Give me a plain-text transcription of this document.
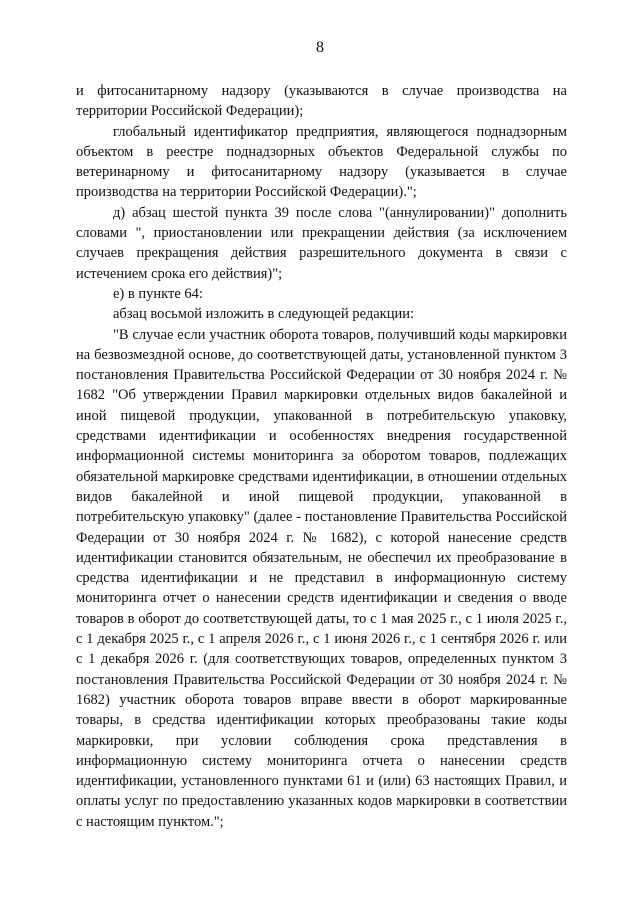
8

и фитосанитарному надзору (указываются в случае производства на территории Российской Федерации);

глобальный идентификатор предприятия, являющегося поднадзорным объектом в реестре поднадзорных объектов Федеральной службы по ветеринарному и фитосанитарному надзору (указывается в случае производства на территории Российской Федерации).";

д) абзац шестой пункта 39 после слова "(аннулировании)" дополнить словами ", приостановлении или прекращении действия (за исключением случаев прекращения действия разрешительного документа в связи с истечением срока его действия)";

е) в пункте 64:

абзац восьмой изложить в следующей редакции:

"В случае если участник оборота товаров, получивший коды маркировки на безвозмездной основе, до соответствующей даты, установленной пунктом 3 постановления Правительства Российской Федерации от 30 ноября 2024 г. № 1682 "Об утверждении Правил маркировки отдельных видов бакалейной и иной пищевой продукции, упакованной в потребительскую упаковку, средствами идентификации и особенностях внедрения государственной информационной системы мониторинга за оборотом товаров, подлежащих обязательной маркировке средствами идентификации, в отношении отдельных видов бакалейной и иной пищевой продукции, упакованной в потребительскую упаковку" (далее - постановление Правительства Российской Федерации от 30 ноября 2024 г. № 1682), с которой нанесение средств идентификации становится обязательным, не обеспечил их преобразование в средства идентификации и не представил в информационную систему мониторинга отчет о нанесении средств идентификации и сведения о вводе товаров в оборот до соответствующей даты, то с 1 мая 2025 г., с 1 июля 2025 г., с 1 декабря 2025 г., с 1 апреля 2026 г., с 1 июня 2026 г., с 1 сентября 2026 г. или с 1 декабря 2026 г. (для соответствующих товаров, определенных пунктом 3 постановления Правительства Российской Федерации от 30 ноября 2024 г. № 1682) участник оборота товаров вправе ввести в оборот маркированные товары, в средства идентификации которых преобразованы такие коды маркировки, при условии соблюдения срока представления в информационную систему мониторинга отчета о нанесении средств идентификации, установленного пунктами 61 и (или) 63 настоящих Правил, и оплаты услуг по предоставлению указанных кодов маркировки в соответствии с настоящим пунктом.";
